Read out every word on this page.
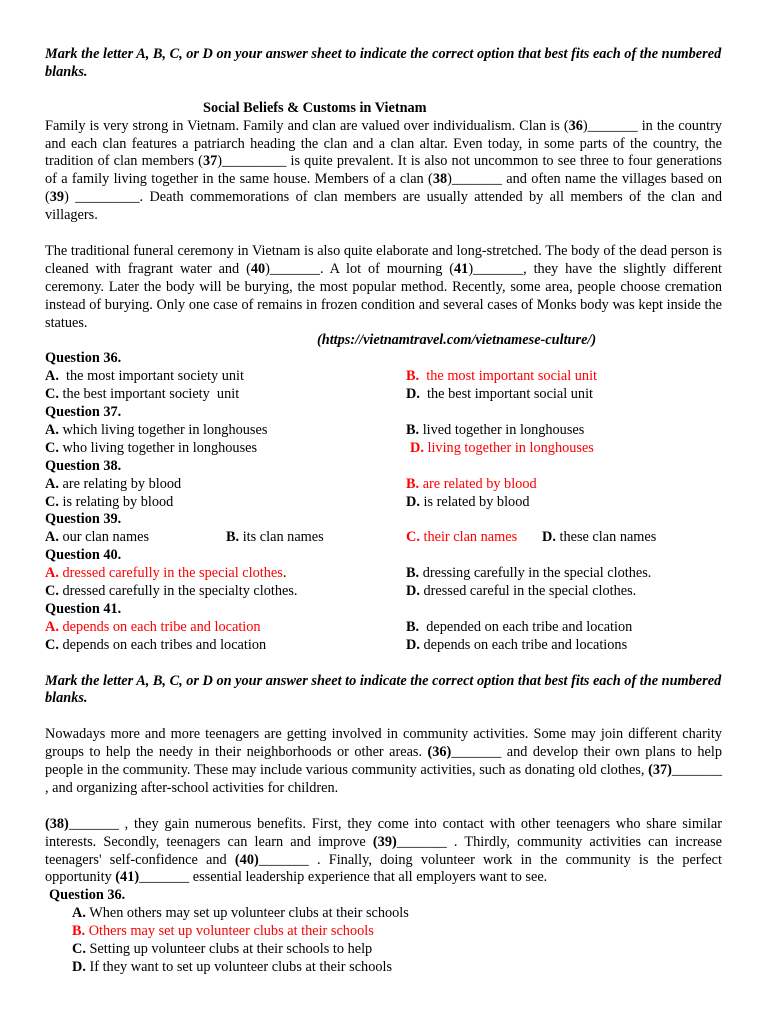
Mark the letter A, B, C, or D on your answer sheet to indicate the correct option that best fits each of the numbered blanks.

Social Beliefs & Customs in Vietnam

Family is very strong in Vietnam. Family and clan are valued over individualism. Clan is (36)_______ in the country and each clan features a patriarch heading the clan and a clan altar. Even today, in some parts of the country, the tradition of clan members (37)_________ is quite prevalent. It is also not uncommon to see three to four generations of a family living together in the same house. Members of a clan (38)_______ and often name the villages based on (39) _________. Death commemorations of clan members are usually attended by all members of the clan and villagers.

The traditional funeral ceremony in Vietnam is also quite elaborate and long-stretched. The body of the dead person is cleaned with fragrant water and (40)_______. A lot of mourning (41)_______, they have the slightly different ceremony. Later the body will be burying, the most popular method. Recently, some area, people choose cremation instead of burying. Only one case of remains in frozen condition and several cases of Monks body was kept inside the statues.

(https://vietnamtravel.com/vietnamese-culture/)

Question 36.

A.  the most important society unit	B.  the most important social unit
C. the best important society  unit	D.  the best important social unit

Question 37.

A. which living together in longhouses	B. lived together in longhouses
C. who living together in longhouses	D. living together in longhouses

Question 38.

A. are relating by blood	B. are related by blood
C. is relating by blood	D. is related by blood

Question 39.

A. our clan names	B. its clan names	C. their clan names D. these clan names

Question 40.

A. dressed carefully in the special clothes.	B. dressing carefully in the special clothes.
C. dressed carefully in the specialty clothes.	D. dressed careful in the special clothes.

Question 41.

A. depends on each tribe and location	B.  depended on each tribe and location
C. depends on each tribes and location	D. depends on each tribe and locations

Mark the letter A, B, C, or D on your answer sheet to indicate the correct option that best fits each of the numbered blanks.

Nowadays more and more teenagers are getting involved in community activities. Some may join different charity groups to help the needy in their neighborhoods or other areas. (36)_______ and develop their own plans to help people in the community. These may include various community activities, such as donating old clothes, (37)_______ , and organizing after-school activities for children.

(38)_______ , they gain numerous benefits. First, they come into contact with other teenagers who share similar interests. Secondly, teenagers can learn and improve (39)_______ . Thirdly, community activities can increase teenagers' self-confidence and (40)_______ . Finally, doing volunteer work in the community is the perfect opportunity (41)_______ essential leadership experience that all employers want to see.

Question 36.

A. When others may set up volunteer clubs at their schools
B. Others may set up volunteer clubs at their schools
C. Setting up volunteer clubs at their schools to help
D. If they want to set up volunteer clubs at their schools
